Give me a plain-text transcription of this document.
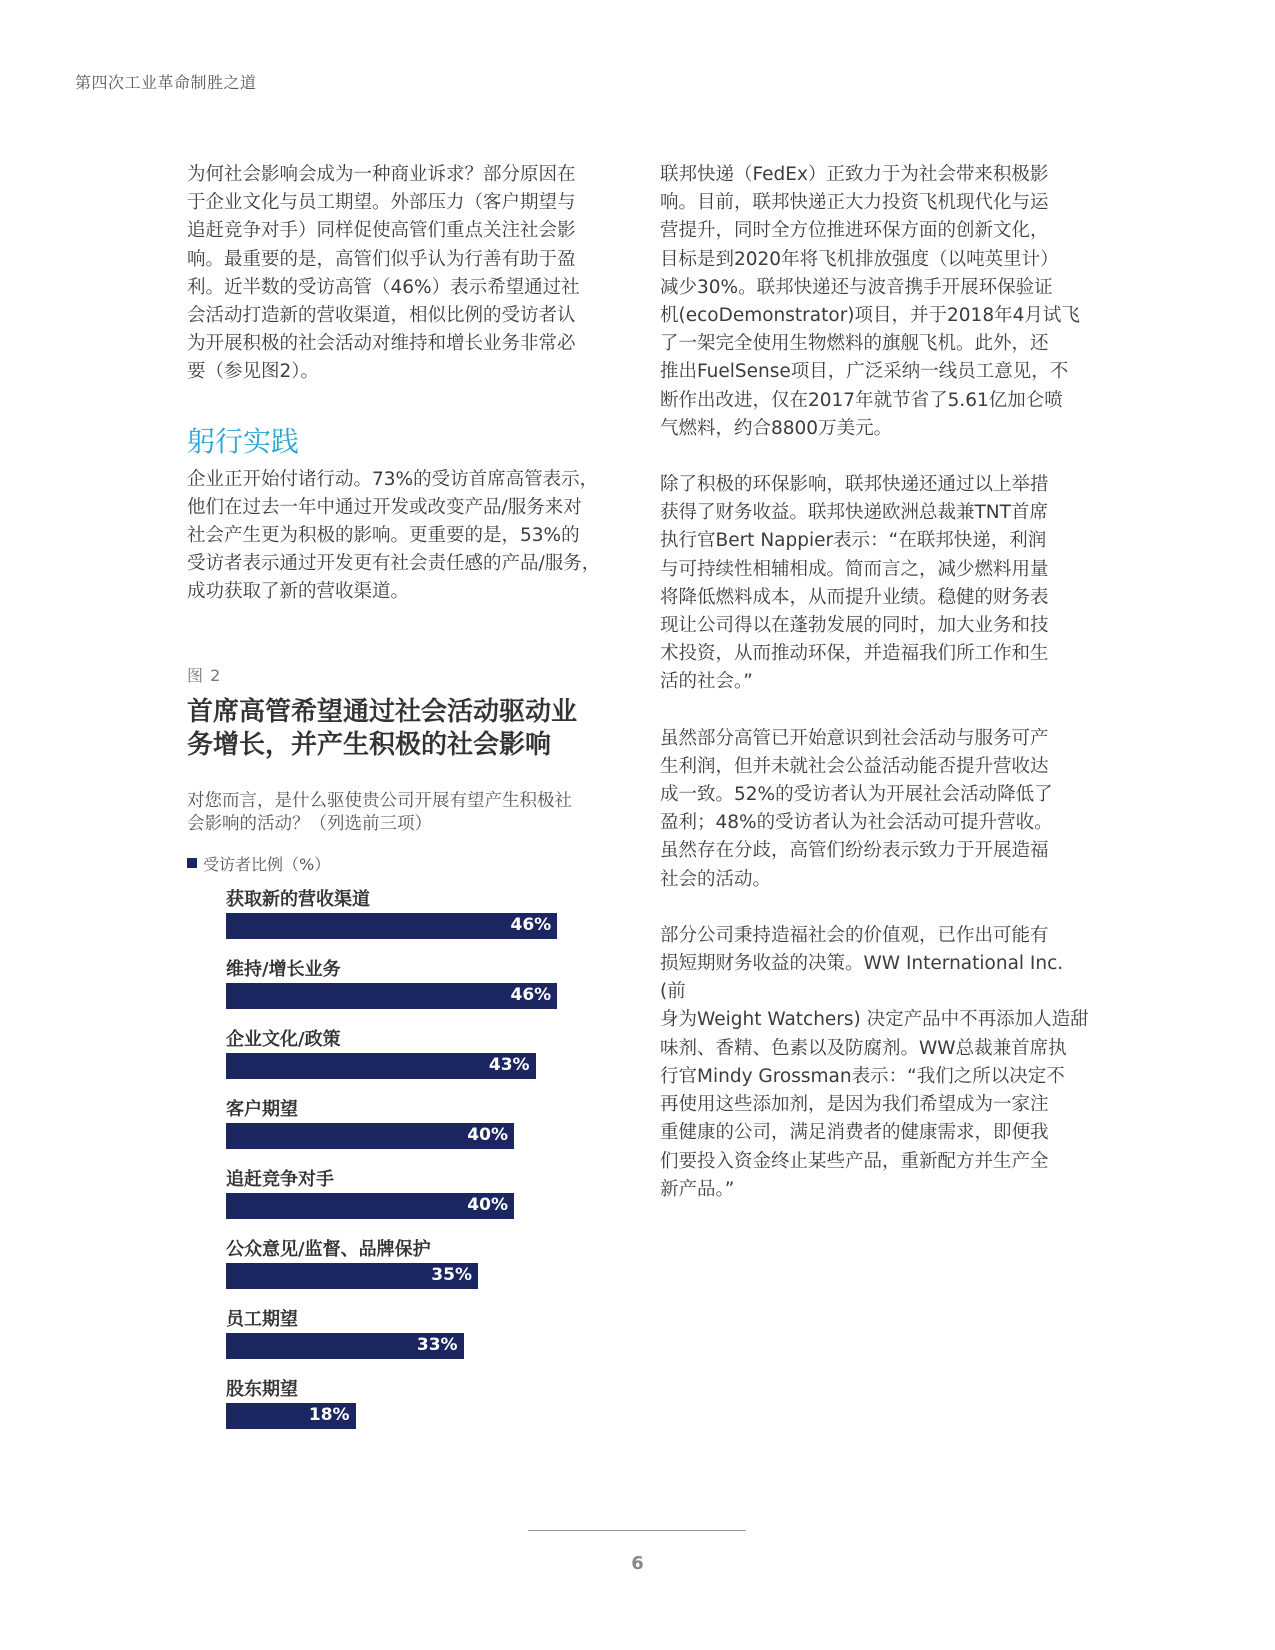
第四次工业革命制胜之道

为何社会影响会成为一种商业诉求？部分原因在
于企业文化与员工期望。外部压力（客户期望与
追赶竞争对手）同样促使高管们重点关注社会影
响。最重要的是，高管们似乎认为行善有助于盈
利。近半数的受访高管（46%）表示希望通过社
会活动打造新的营收渠道，相似比例的受访者认
为开展积极的社会活动对维持和增长业务非常必
要（参见图2）。

躬行实践

企业正开始付诸行动。73%的受访首席高管表示，
他们在过去一年中通过开发或改变产品/服务来对
社会产生更为积极的影响。更重要的是，53%的
受访者表示通过开发更有社会责任感的产品/服务，
成功获取了新的营收渠道。

图 2
首席高管希望通过社会活动驱动业
务增长，并产生积极的社会影响
对您而言，是什么驱使贵公司开展有望产生积极社
会影响的活动？（列选前三项）
受访者比例（%）
获取新的营收渠道
46%
维持/增长业务
46%
企业文化/政策
43%
客户期望
40%
追赶竞争对手
40%
公众意见/监督、品牌保护
35%
员工期望
33%
股东期望
18%

联邦快递（FedEx）正致力于为社会带来积极影
响。目前，联邦快递正大力投资飞机现代化与运
营提升，同时全方位推进环保方面的创新文化，
目标是到2020年将飞机排放强度（以吨英里计）
减少30%。联邦快递还与波音携手开展环保验证
机(ecoDemonstrator)项目，并于2018年4月试飞
了一架完全使用生物燃料的旗舰飞机。此外，还
推出FuelSense项目，广泛采纳一线员工意见，不
断作出改进，仅在2017年就节省了5.61亿加仑喷
气燃料，约合8800万美元。

除了积极的环保影响，联邦快递还通过以上举措
获得了财务收益。联邦快递欧洲总裁兼TNT首席
执行官Bert Nappier表示：“在联邦快递，利润
与可持续性相辅相成。简而言之，减少燃料用量
将降低燃料成本，从而提升业绩。稳健的财务表
现让公司得以在蓬勃发展的同时，加大业务和技
术投资，从而推动环保，并造福我们所工作和生
活的社会。”

虽然部分高管已开始意识到社会活动与服务可产
生利润，但并未就社会公益活动能否提升营收达
成一致。52%的受访者认为开展社会活动降低了
盈利；48%的受访者认为社会活动可提升营收。
虽然存在分歧，高管们纷纷表示致力于开展造福
社会的活动。

部分公司秉持造福社会的价值观，已作出可能有
损短期财务收益的决策。WW International Inc. (前
身为Weight Watchers) 决定产品中不再添加人造甜
味剂、香精、色素以及防腐剂。WW总裁兼首席执
行官Mindy Grossman表示：“我们之所以决定不
再使用这些添加剂，是因为我们希望成为一家注
重健康的公司，满足消费者的健康需求，即便我
们要投入资金终止某些产品，重新配方并生产全
新产品。”

6
